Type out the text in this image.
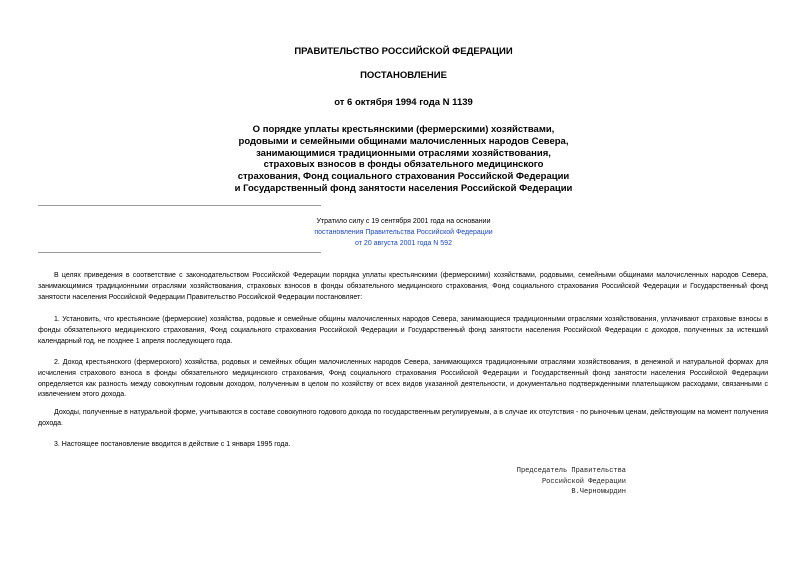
ПРАВИТЕЛЬСТВО РОССИЙСКОЙ ФЕДЕРАЦИИ
ПОСТАНОВЛЕНИЕ
от 6 октября 1994 года N 1139
О порядке уплаты крестьянскими (фермерскими) хозяйствами,
родовыми и семейными общинами малочисленных народов Севера,
занимающимися традиционными отраслями хозяйствования,
страховых взносов в фонды обязательного медицинского
страхования, Фонд социального страхования Российской Федерации
и Государственный фонд занятости населения Российской Федерации
Утратило силу с 19 сентября 2001 года на основании
постановления Правительства Российской Федерации
от 20 августа 2001 года N 592
В целях приведения в соответствие с законодательством Российской Федерации порядка уплаты крестьянскими (фермерскими) хозяйствами, родовыми, семейными общинами малочисленных народов Севера, занимающимися традиционными отраслями хозяйствования, страховых взносов в фонды обязательного медицинского страхования, Фонд социального страхования Российской Федерации и Государственный фонд занятости населения Российской Федерации Правительство Российской Федерации постановляет:
1. Установить, что крестьянские (фермерские) хозяйства, родовые и семейные общины малочисленных народов Севера, занимающиеся традиционными отраслями хозяйствования, уплачивают страховые взносы в фонды обязательного медицинского страхования, Фонд социального страхования Российской Федерации и Государственный фонд занятости населения Российской Федерации с доходов, полученных за истекший календарный год, не позднее 1 апреля последующего года.
2. Доход крестьянского (фермерского) хозяйства, родовых и семейных общин малочисленных народов Севера, занимающихся традиционными отраслями хозяйствования, в денежной и натуральной формах для исчисления страхового взноса в фонды обязательного медицинского страхования, Фонд социального страхования Российской Федерации и Государственный фонд занятости населения Российской Федерации определяется как разность между совокупным годовым доходом, полученным в целом по хозяйству от всех видов указанной деятельности, и документально подтвержденными плательщиком расходами, связанными с извлечением этого дохода.
Доходы, полученные в натуральной форме, учитываются в составе совокупного годового дохода по государственным регулируемым, а в случае их отсутствия - по рыночным ценам, действующим на момент получения дохода.
3. Настоящее постановление вводится в действие с 1 января 1995 года.
Председатель Правительства
Российской Федерации
В.Черномырдин
